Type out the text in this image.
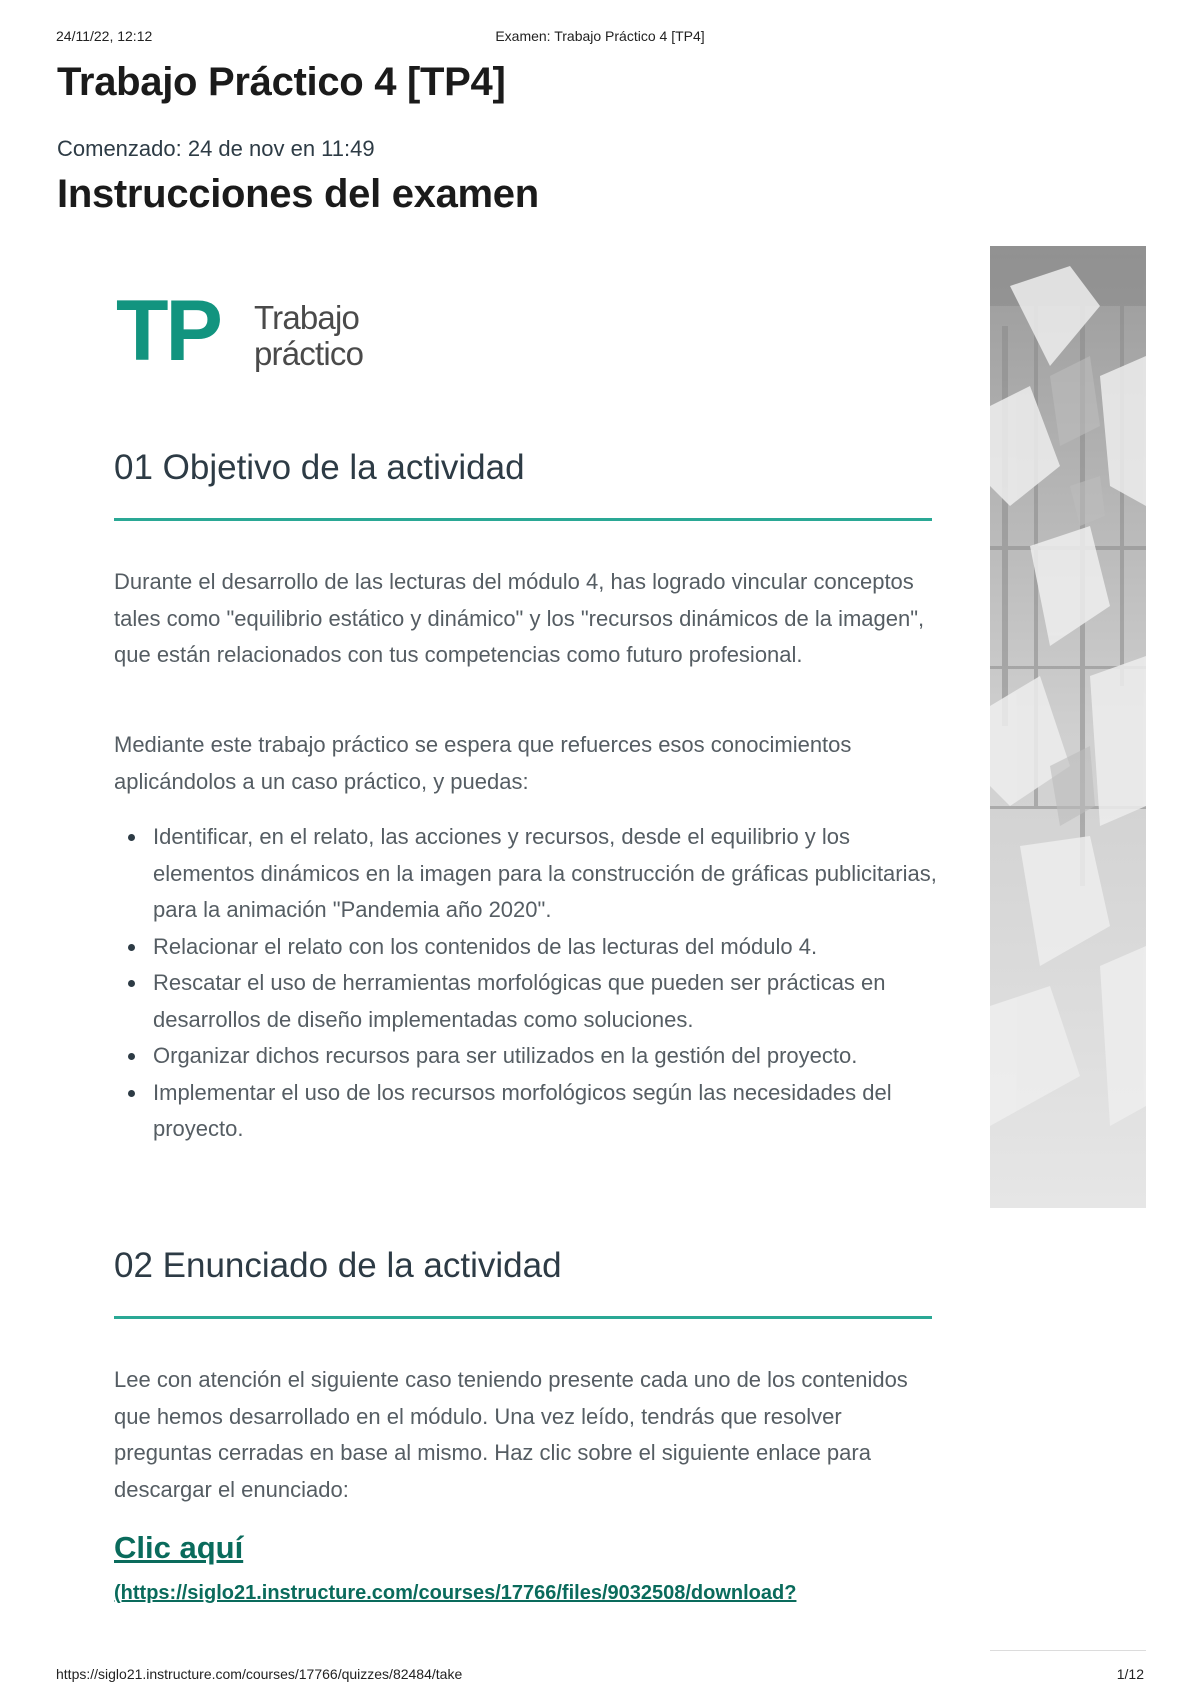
24/11/22, 12:12	Examen: Trabajo Práctico 4 [TP4]
Trabajo Práctico 4 [TP4]
Comenzado: 24 de nov en 11:49
Instrucciones del examen
TP Trabajo
práctico
01 Objetivo de la actividad

Durante el desarrollo de las lecturas del módulo 4, has logrado vincular conceptos tales como "equilibrio estático y dinámico" y los "recursos dinámicos de la imagen", que están relacionados con tus competencias como futuro profesional.

Mediante este trabajo práctico se espera que refuerces esos conocimientos aplicándolos a un caso práctico, y puedas:

Identificar, en el relato, las acciones y recursos, desde el equilibrio y los elementos dinámicos en la imagen para la construcción de gráficas publicitarias, para la animación "Pandemia año 2020".
Relacionar el relato con los contenidos de las lecturas del módulo 4.
Rescatar el uso de herramientas morfológicas que pueden ser prácticas en desarrollos de diseño implementadas como soluciones.
Organizar dichos recursos para ser utilizados en la gestión del proyecto.
Implementar el uso de los recursos morfológicos según las necesidades del proyecto.
02 Enunciado de la actividad

Lee con atención el siguiente caso teniendo presente cada uno de los contenidos que hemos desarrollado en el módulo. Una vez leído, tendrás que resolver preguntas cerradas en base al mismo. Haz clic sobre el siguiente enlace para descargar el enunciado:

Clic aquí
(https://siglo21.instructure.com/courses/17766/files/9032508/download?
https://siglo21.instructure.com/courses/17766/quizzes/82484/take	1/12
